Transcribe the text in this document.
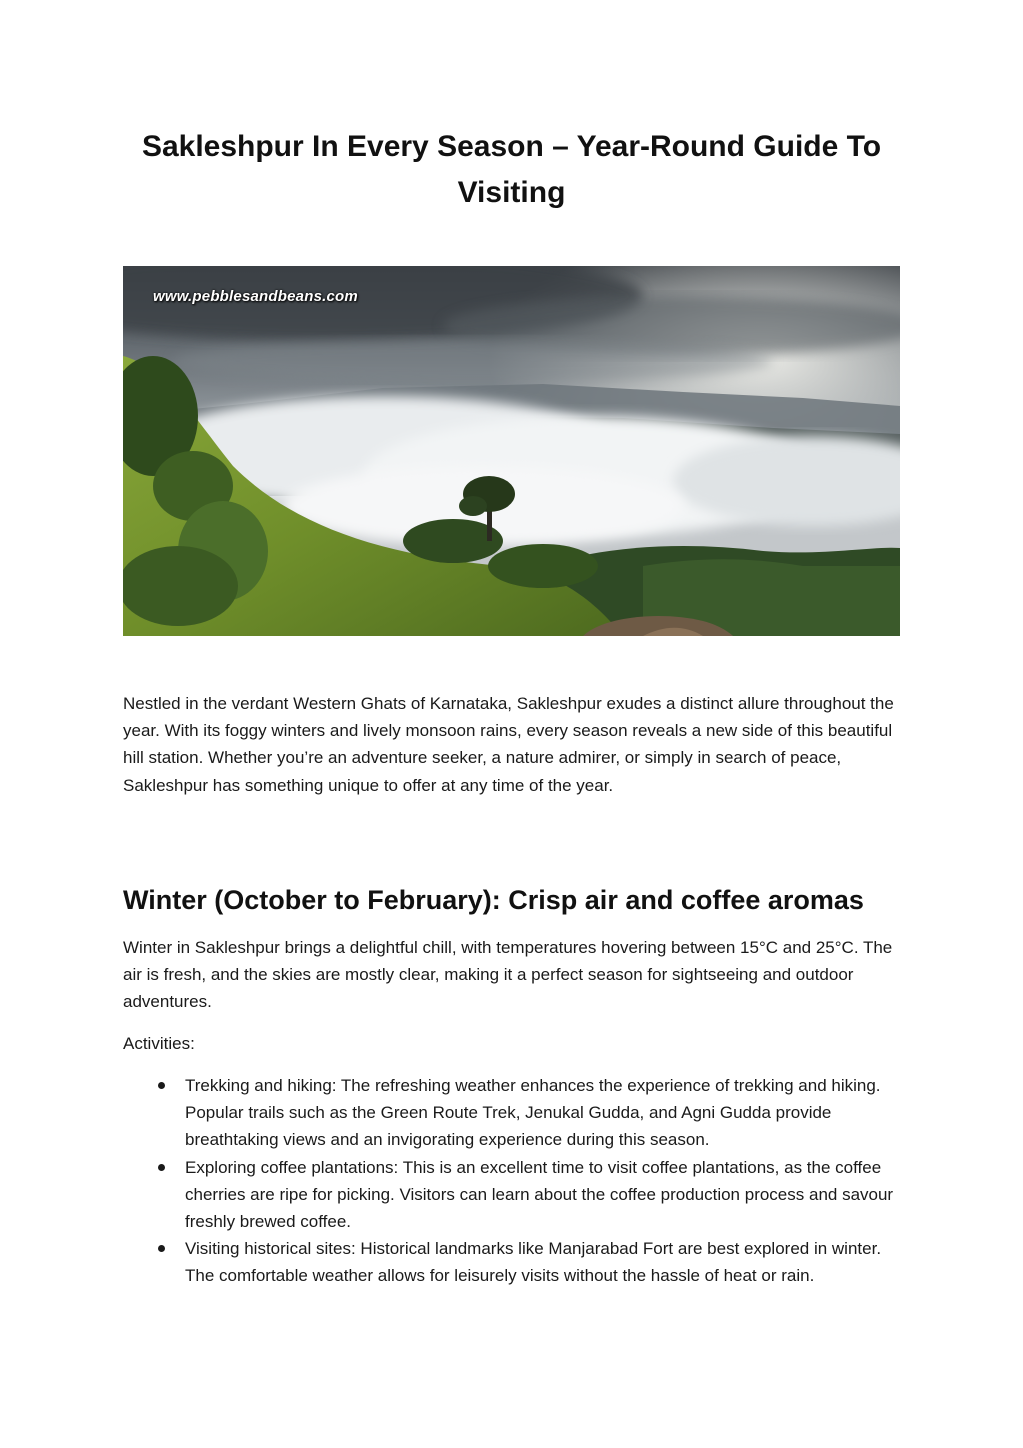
Sakleshpur In Every Season – Year-Round Guide To Visiting
www.pebblesandbeans.com

Nestled in the verdant Western Ghats of Karnataka, Sakleshpur exudes a distinct allure throughout the year. With its foggy winters and lively monsoon rains, every season reveals a new side of this beautiful hill station. Whether you’re an adventure seeker, a nature admirer, or simply in search of peace, Sakleshpur has something unique to offer at any time of the year.

Winter (October to February): Crisp air and coffee aromas

Winter in Sakleshpur brings a delightful chill, with temperatures hovering between 15°C and 25°C. The air is fresh, and the skies are mostly clear, making it a perfect season for sightseeing and outdoor adventures.

Activities:

Trekking and hiking: The refreshing weather enhances the experience of trekking and hiking. Popular trails such as the Green Route Trek, Jenukal Gudda, and Agni Gudda provide breathtaking views and an invigorating experience during this season.
Exploring coffee plantations: This is an excellent time to visit coffee plantations, as the coffee cherries are ripe for picking. Visitors can learn about the coffee production process and savour freshly brewed coffee.
Visiting historical sites: Historical landmarks like Manjarabad Fort are best explored in winter. The comfortable weather allows for leisurely visits without the hassle of heat or rain.
